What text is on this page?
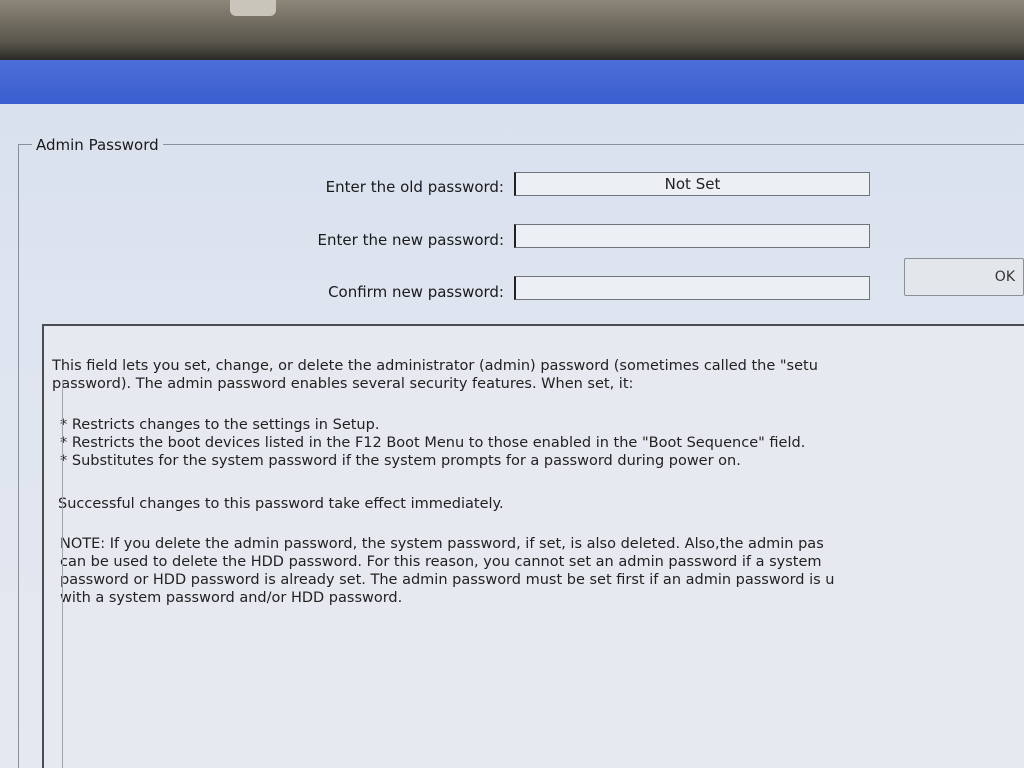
Admin Password
Enter the old password:	Not Set
Enter the new password:
Confirm new password:
OK
This field lets you set, change, or delete the administrator (admin) password (sometimes called the "setu
password). The admin password enables several security features. When set, it:
* Restricts changes to the settings in Setup.
* Restricts the boot devices listed in the F12 Boot Menu to those enabled in the "Boot Sequence" field.
* Substitutes for the system password if the system prompts for a password during power on.
Successful changes to this password take effect immediately.
NOTE: If you delete the admin password, the system password, if set, is also deleted. Also,the admin pas
can be used to delete the HDD password. For this reason, you cannot set an admin password if a system
password or HDD password is already set. The admin password must be set first if an admin password is u
with a system password and/or HDD password.
